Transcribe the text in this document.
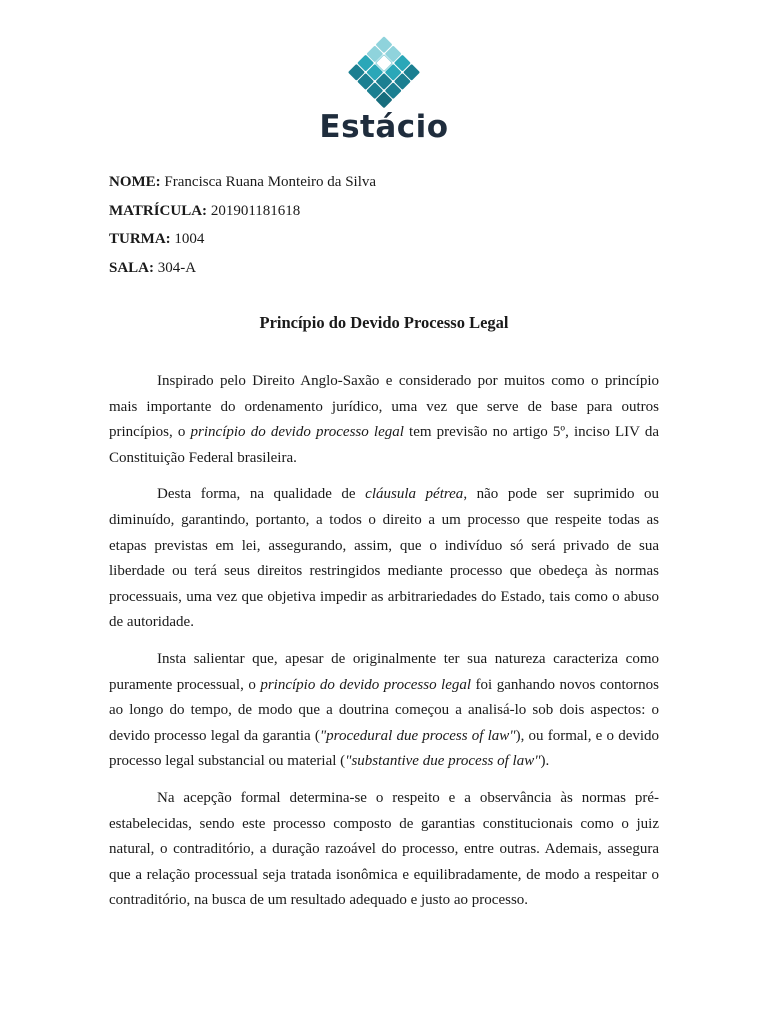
Estácio
NOME: Francisca Ruana Monteiro da Silva
MATRÍCULA: 201901181618
TURMA: 1004
SALA: 304-A
Princípio do Devido Processo Legal

Inspirado pelo Direito Anglo-Saxão e considerado por muitos como o princípio mais importante do ordenamento jurídico, uma vez que serve de base para outros princípios, o princípio do devido processo legal tem previsão no artigo 5º, inciso LIV da Constituição Federal brasileira.

Desta forma, na qualidade de cláusula pétrea, não pode ser suprimido ou diminuído, garantindo, portanto, a todos o direito a um processo que respeite todas as etapas previstas em lei, assegurando, assim, que o indivíduo só será privado de sua liberdade ou terá seus direitos restringidos mediante processo que obedeça às normas processuais, uma vez que objetiva impedir as arbitrariedades do Estado, tais como o abuso de autoridade.

Insta salientar que, apesar de originalmente ter sua natureza caracteriza como puramente processual, o princípio do devido processo legal foi ganhando novos contornos ao longo do tempo, de modo que a doutrina começou a analisá-lo sob dois aspectos: o devido processo legal da garantia ("procedural due process of law"), ou formal, e o devido processo legal substancial ou material ("substantive due process of law").

Na acepção formal determina-se o respeito e a observância às normas pré-estabelecidas, sendo este processo composto de garantias constitucionais como o juiz natural, o contraditório, a duração razoável do processo, entre outras. Ademais, assegura que a relação processual seja tratada isonômica e equilibradamente, de modo a respeitar o contraditório, na busca de um resultado adequado e justo ao processo.
